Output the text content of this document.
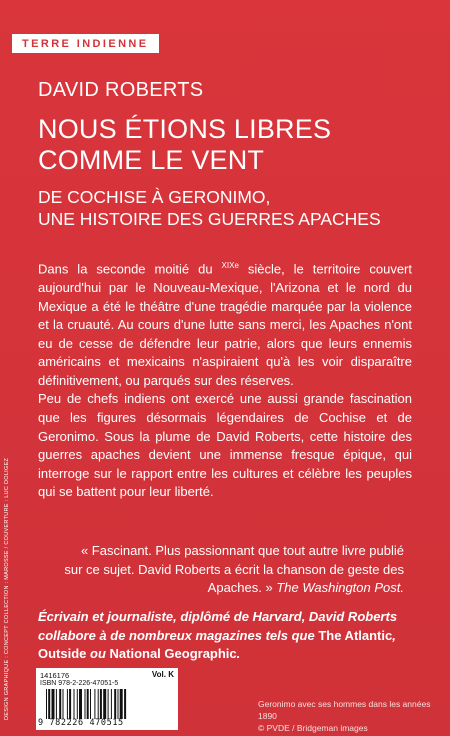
TERRE INDIENNE
DAVID ROBERTS
NOUS ÉTIONS LIBRES
COMME LE VENT
DE COCHISE À GERONIMO,
UNE HISTOIRE DES GUERRES APACHES

Dans la seconde moitié du $^{XIXe}$ siècle, le territoire couvert aujourd'hui par le Nouveau-Mexique, l'Arizona et le nord du Mexique a été le théâtre d'une tragédie marquée par la violence et la cruauté. Au cours d'une lutte sans merci, les Apaches n'ont eu de cesse de défendre leur patrie, alors que leurs ennemis américains et mexicains n'aspiraient qu'à les voir disparaître définitivement, ou parqués sur des réserves.

Peu de chefs indiens ont exercé une aussi grande fascination que les figures désormais légendaires de Cochise et de Geronimo. Sous la plume de David Roberts, cette histoire des guerres apaches devient une immense fresque épique, qui interroge sur le rapport entre les cultures et célèbre les peuples qui se battent pour leur liberté.

« Fascinant. Plus passionnant que tout autre livre publié sur ce sujet. David Roberts a écrit la chanson de geste des Apaches. » The Washington Post.
Écrivain et journaliste, diplômé de Harvard, David Roberts collabore à de nombreux magazines tels que The Atlantic, Outside ou National Geographic.
DESIGN GRAPHIQUE : CONCEPT COLLECTION : MAROSSE / COUVERTURE : LUC DOLIGEZ	1416176	Vol. K
ISBN 978-2-226-47051-5
9 782226 470515
Geronimo avec ses hommes dans les années 1890
© PVDE / Bridgeman images
